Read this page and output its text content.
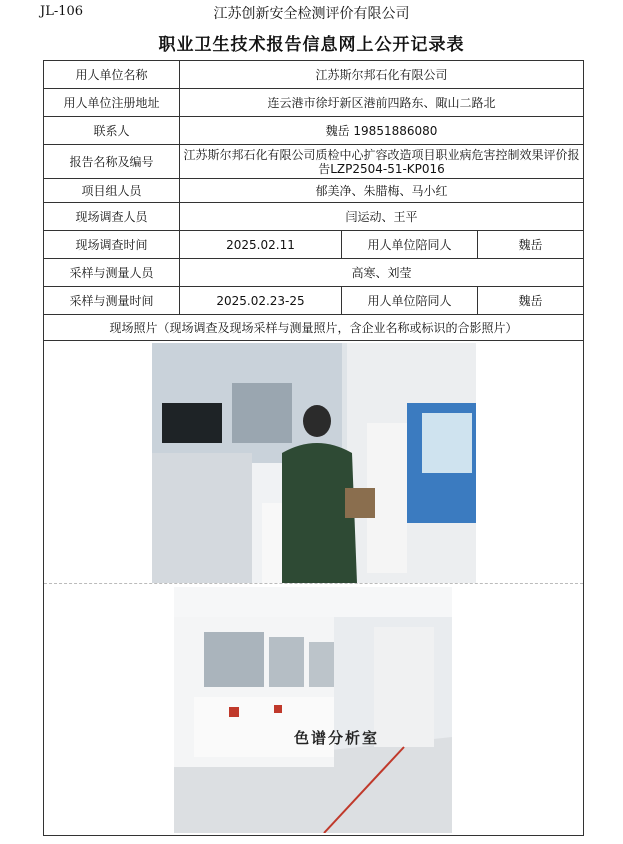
JL-106	江苏创新安全检测评价有限公司
职业卫生技术报告信息网上公开记录表
用人单位名称	江苏斯尔邦石化有限公司		
用人单位注册地址	连云港市徐圩新区港前四路东、陬山二路北		
联系人	魏岳 19851886080		
报告名称及编号	江苏斯尔邦石化有限公司质检中心扩容改造项目职业病危害控制效果评价报告LZP2504-51-KP016		
项目组人员	郁美净、朱腊梅、马小红		
现场调查人员	闫运动、王平		
现场调查时间	2025.02.11	用人单位陪同人	魏岳
采样与测量人员	高寒、刘莹		
采样与测量时间	2025.02.23-25	用人单位陪同人	魏岳
现场照片（现场调查及现场采样与测量照片，含企业名称或标识的合影照片）			

色谱分析室			
